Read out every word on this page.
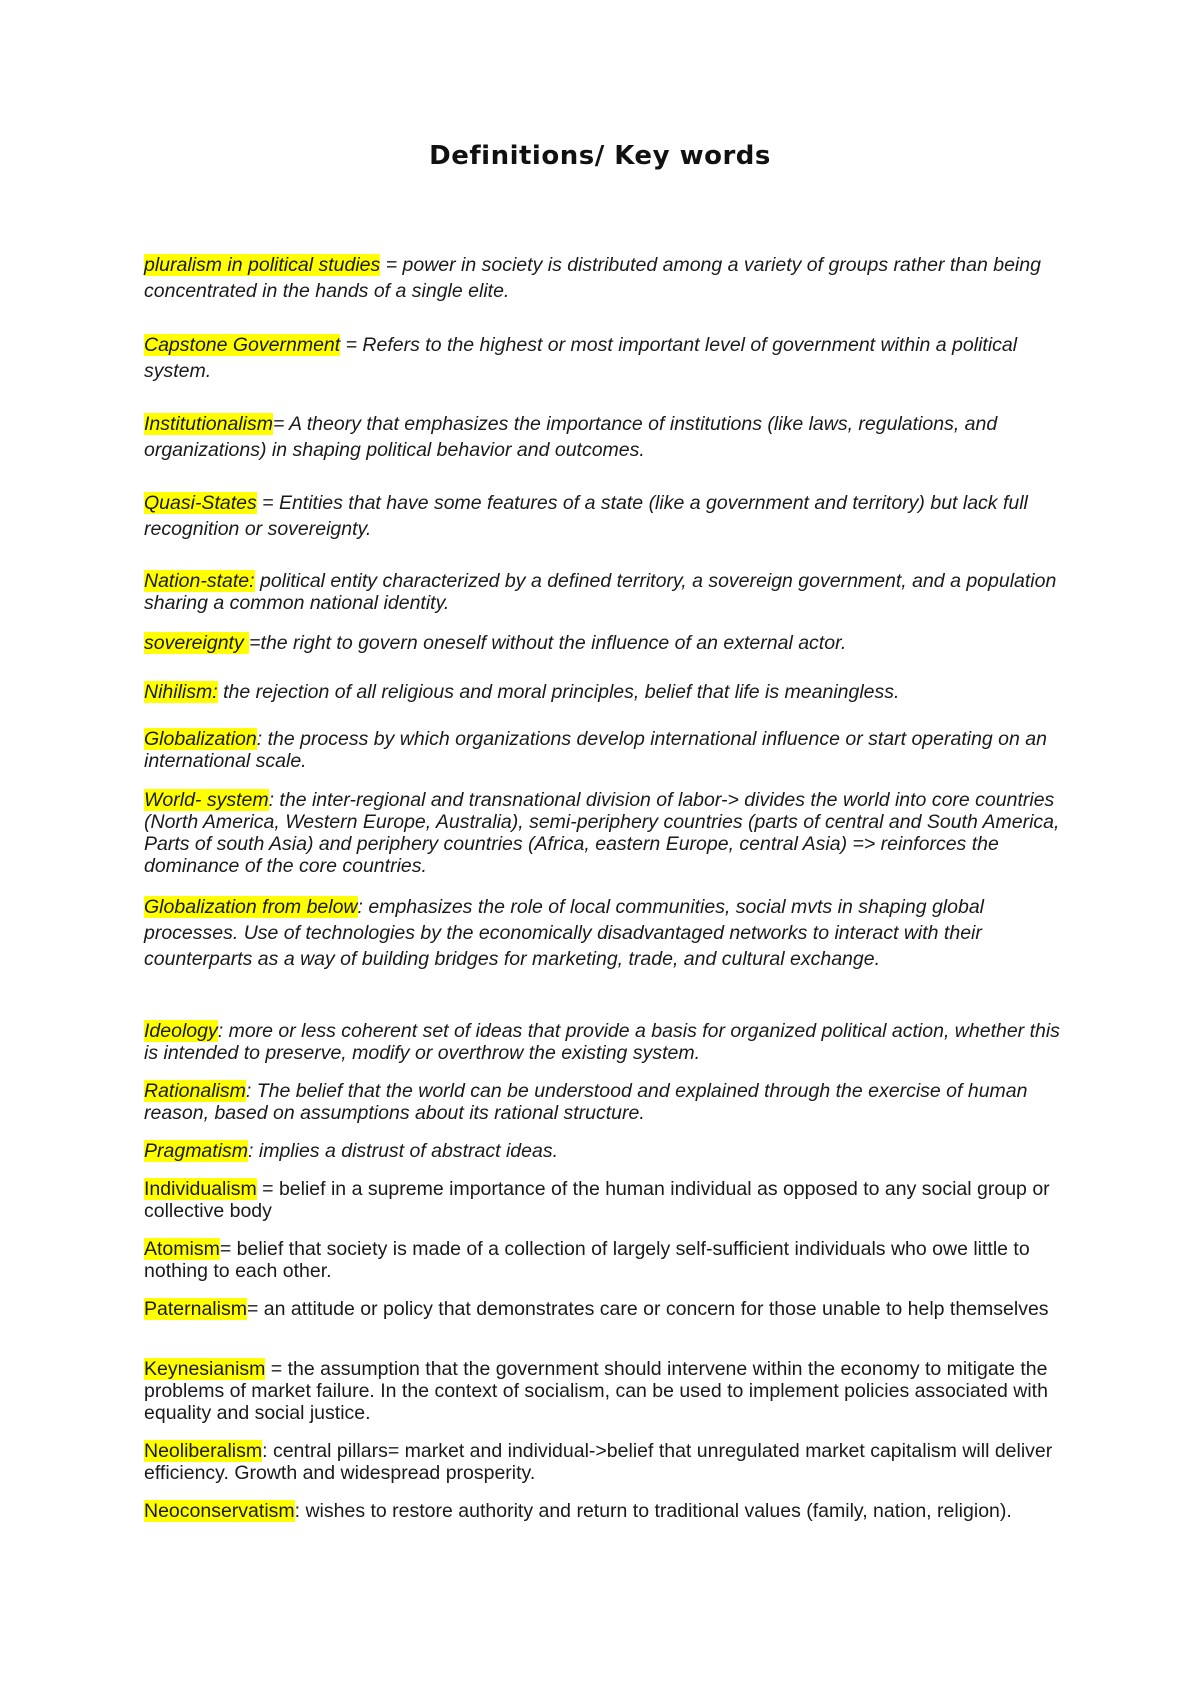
Definitions/ Key words

pluralism in political studies = power in society is distributed among a variety of groups rather than being concentrated in the hands of a single elite.

Capstone Government = Refers to the highest or most important level of government within a political system.

Institutionalism= A theory that emphasizes the importance of institutions (like laws, regulations, and organizations) in shaping political behavior and outcomes.

Quasi-States = Entities that have some features of a state (like a government and territory) but lack full recognition or sovereignty.

Nation-state: political entity characterized by a defined territory, a sovereign government, and a population sharing a common national identity.

sovereignty =the right to govern oneself without the influence of an external actor.

Nihilism: the rejection of all religious and moral principles, belief that life is meaningless.

Globalization: the process by which organizations develop international influence or start operating on an international scale.

World- system: the inter-regional and transnational division of labor-> divides the world into core countries (North America, Western Europe, Australia), semi-periphery countries (parts of central and South America, Parts of south Asia) and periphery countries (Africa, eastern Europe, central Asia) => reinforces the dominance of the core countries.

Globalization from below: emphasizes the role of local communities, social mvts in shaping global processes. Use of technologies by the economically disadvantaged networks to interact with their counterparts as a way of building bridges for marketing, trade, and cultural exchange.

Ideology: more or less coherent set of ideas that provide a basis for organized political action, whether this is intended to preserve, modify or overthrow the existing system.

Rationalism: The belief that the world can be understood and explained through the exercise of human reason, based on assumptions about its rational structure.

Pragmatism: implies a distrust of abstract ideas.

Individualism = belief in a supreme importance of the human individual as opposed to any social group or collective body

Atomism= belief that society is made of a collection of largely self-sufficient individuals who owe little to nothing to each other.

Paternalism= an attitude or policy that demonstrates care or concern for those unable to help themselves

Keynesianism = the assumption that the government should intervene within the economy to mitigate the problems of market failure. In the context of socialism, can be used to implement policies associated with equality and social justice.

Neoliberalism: central pillars= market and individual->belief that unregulated market capitalism will deliver efficiency. Growth and widespread prosperity.

Neoconservatism: wishes to restore authority and return to traditional values (family, nation, religion).
